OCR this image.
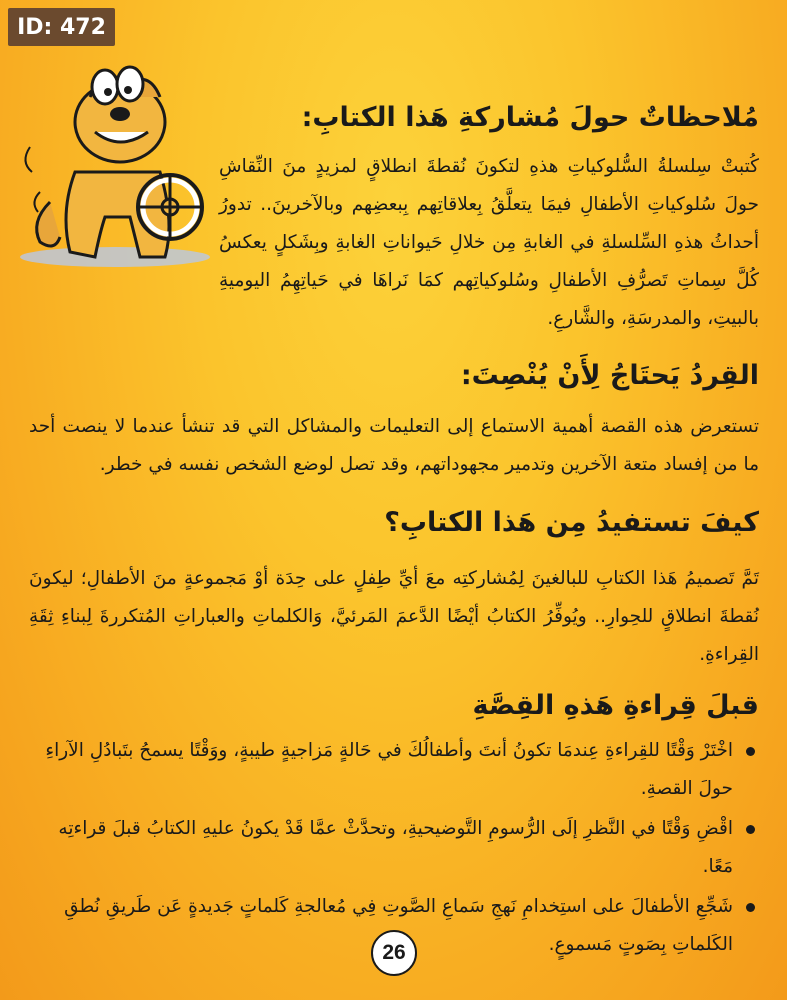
ID: 472
مُلاحظاتٌ حولَ مُشاركةِ هَذا الكتابِ:
كُتبتْ سِلسلةُ السُّلوكياتِ هذهِ لتكونَ نُقطةَ انطلاقٍ لمزيدٍ منَ النِّقاشِ حولَ سُلوكياتِ الأطفالِ فيمَا يتعلَّقُ بِعلاقاتِهم بِبعضِهم وبالآخرينَ.. تدورُ أحداثُ هذهِ السِّلسلةِ في الغابةِ مِن خلالِ حَيواناتِ الغابةِ وبِشَكلٍ يعكسُ كُلَّ سِماتِ تَصرُّفِ الأطفالِ وسُلوكياتِهم كمَا نَراهَا في حَياتِهِمُ اليوميةِ بالبيتِ، والمدرسَةِ، والشَّارعِ.
القِردُ يَحتَاجُ لِأَنْ يُنْصِتَ:
تستعرض هذه القصة أهمية الاستماع إلى التعليمات والمشاكل التي قد تنشأ عندما لا ينصت أحد ما من إفساد متعة الآخرين وتدمير مجهوداتهم، وقد تصل لوضع الشخص نفسه في خطر.
كيفَ تستفيدُ مِن هَذا الكتابِ؟
تَمَّ تَصميمُ هَذا الكتابِ للبالغينَ لِمُشاركتِه معَ أيِّ طِفلٍ على حِدَة أوْ مَجموعةٍ منَ الأطفالِ؛ ليكونَ نُقطةَ انطلاقٍ للحِوارِ.. ويُوفِّرُ الكتابُ أيْضًا الدَّعمَ المَرئيَّ، وَالكلماتِ والعباراتِ المُتكررةَ لِبناءِ ثِقَةِ القِراءةِ.
قبلَ قِراءةِ هَذهِ القِصَّةِ
اخْتَرْ وَقْتًا للقِراءةِ عِندمَا تكونُ أنتَ وأطفالُكَ في حَالةٍ مَزاجيةٍ طيبةٍ، ووَقْتًا يسمحُ بتَبادُلِ الآراءِ حولَ القصةِ.
اقْضِ وَقْتًا في النَّظرِ إلَى الرُّسومِ التَّوضيحيةِ، وتحدَّثْ عمَّا قَدْ يكونُ عليهِ الكتابُ قبلَ قراءتِه مَعًا.
شَجِّعِ الأطفالَ على استِخدامِ نَهجِ سَماعِ الصَّوتِ فِي مُعالجةِ كَلماتٍ جَديدةٍ عَن طَريقِ نُطقِ الكَلماتِ بِصَوتٍ مَسموعٍ.
26
